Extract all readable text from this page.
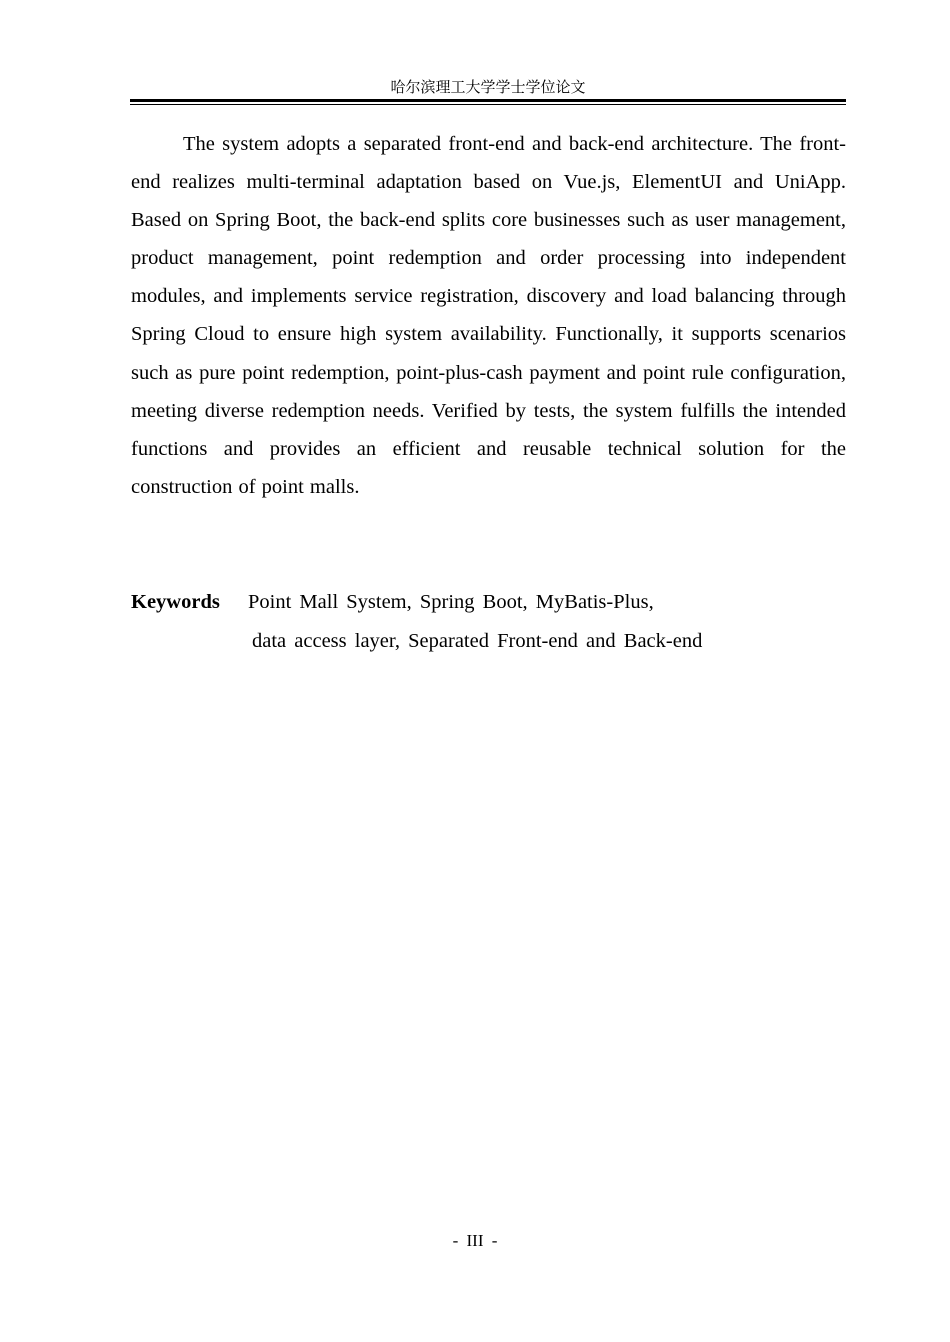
哈尔滨理工大学学士学位论文

The system adopts a separated front-end and back-end architecture. The front-end realizes multi-terminal adaptation based on Vue.js, ElementUI and UniApp. Based on Spring Boot, the back-end splits core businesses such as user management, product management, point redemption and order processing into independent modules, and implements service registration, discovery and load balancing through Spring Cloud to ensure high system availability. Functionally, it supports scenarios such as pure point redemption, point-plus-cash payment and point rule configuration, meeting diverse redemption needs. Verified by tests, the system fulfills the intended functions and provides an efficient and reusable technical solution for the construction of point malls.

Keywords	Point Mall System, Spring Boot, MyBatis-Plus,
data access layer, Separated Front-end and Back-end
- III -
